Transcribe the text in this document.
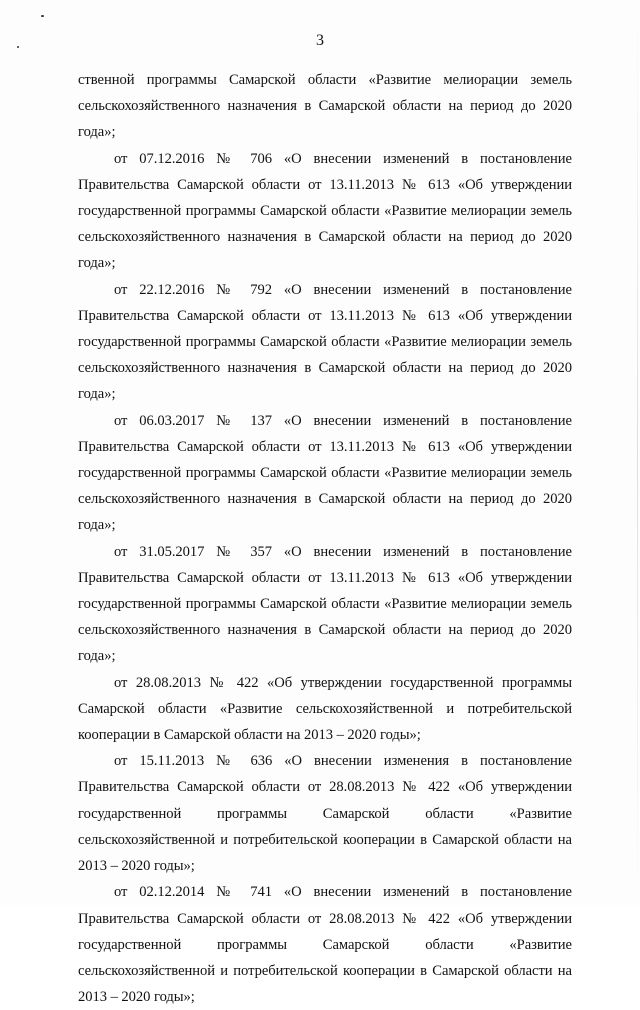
3

ственной программы Самарской области «Развитие мелиорации земель сельскохозяйственного назначения в Самарской области на период до 2020 года»;

от 07.12.2016 № 706 «О внесении изменений в постановление Правительства Самарской области от 13.11.2013 № 613 «Об утверждении государственной программы Самарской области «Развитие мелиорации земель сельскохозяйственного назначения в Самарской области на период до 2020 года»;

от 22.12.2016 № 792 «О внесении изменений в постановление Правительства Самарской области от 13.11.2013 № 613 «Об утверждении государственной программы Самарской области «Развитие мелиорации земель сельскохозяйственного назначения в Самарской области на период до 2020 года»;

от 06.03.2017 № 137 «О внесении изменений в постановление Правительства Самарской области от 13.11.2013 № 613 «Об утверждении государственной программы Самарской области «Развитие мелиорации земель сельскохозяйственного назначения в Самарской области на период до 2020 года»;

от 31.05.2017 № 357 «О внесении изменений в постановление Правительства Самарской области от 13.11.2013 № 613 «Об утверждении государственной программы Самарской области «Развитие мелиорации земель сельскохозяйственного назначения в Самарской области на период до 2020 года»;

от 28.08.2013 № 422 «Об утверждении государственной программы Самарской области «Развитие сельскохозяйственной и потребительской кооперации в Самарской области на 2013 – 2020 годы»;

от 15.11.2013 № 636 «О внесении изменения в постановление Правительства Самарской области от 28.08.2013 № 422 «Об утверждении государственной программы Самарской области «Развитие сельскохозяйственной и потребительской кооперации в Самарской области на 2013 – 2020 годы»;

от 02.12.2014 № 741 «О внесении изменений в постановление Правительства Самарской области от 28.08.2013 № 422 «Об утверждении государственной программы Самарской области «Развитие сельскохозяйственной и потребительской кооперации в Самарской области на 2013 – 2020 годы»;
